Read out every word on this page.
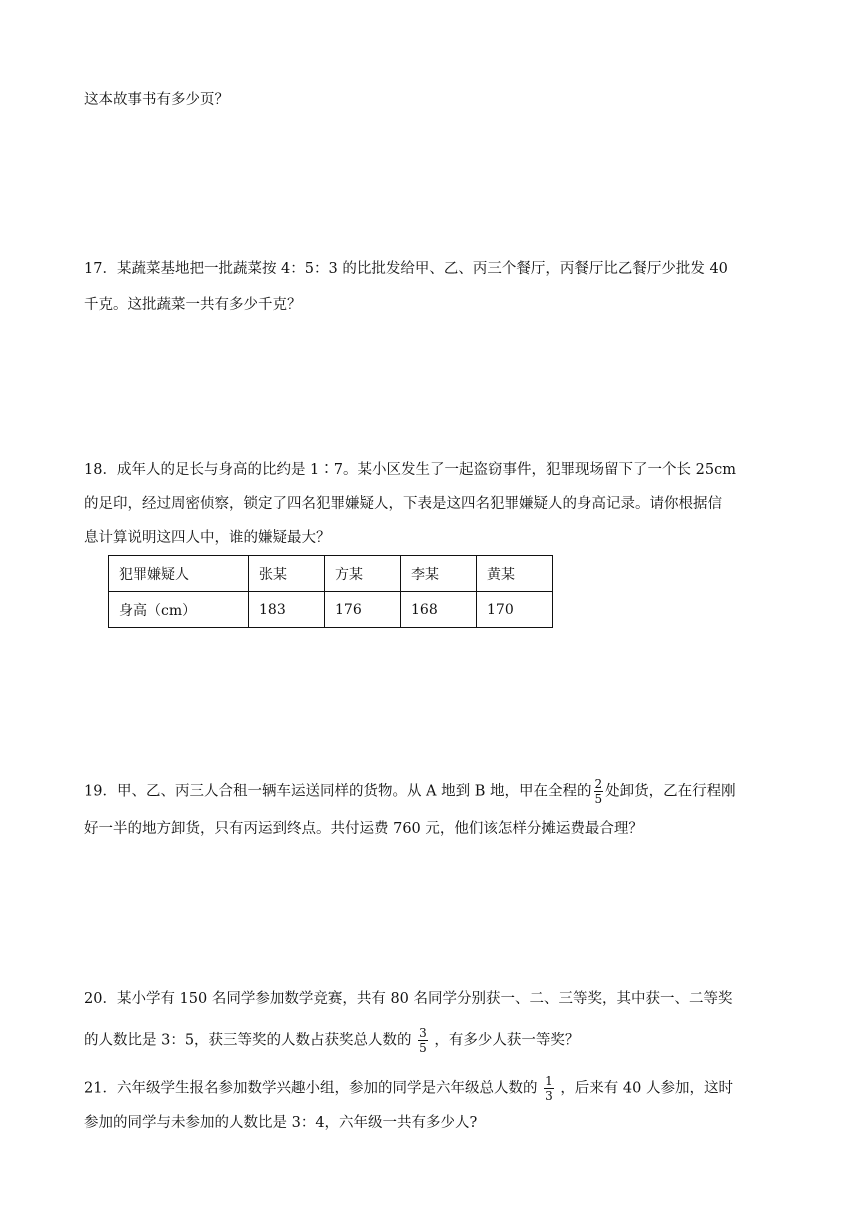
这本故事书有多少页？
17．某蔬菜基地把一批蔬菜按 4：5：3 的比批发给甲、乙、丙三个餐厅，丙餐厅比乙餐厅少批发 40
千克。这批蔬菜一共有多少千克？
18．成年人的足长与身高的比约是 1∶7。某小区发生了一起盗窃事件，犯罪现场留下了一个长 25cm
的足印，经过周密侦察，锁定了四名犯罪嫌疑人，下表是这四名犯罪嫌疑人的身高记录。请你根据信
息计算说明这四人中，谁的嫌疑最大？
犯罪嫌疑人	张某	方某	李某	黄某
身高（cm）	183	176	168	170
19．甲、乙、丙三人合租一辆车运送同样的货物。从 A 地到 B 地，甲在全程的 $\frac{2}{5}$ 处卸货，乙在行程刚
好一半的地方卸货，只有丙运到终点。共付运费 760 元，他们该怎样分摊运费最合理？
20．某小学有 150 名同学参加数学竞赛，共有 80 名同学分别获一、二、三等奖，其中获一、二等奖
的人数比是 3：5，获三等奖的人数占获奖总人数的 $\frac{3}{5}$ ，有多少人获一等奖？
21．六年级学生报名参加数学兴趣小组，参加的同学是六年级总人数的 $\frac{1}{3}$ ，后来有 40 人参加，这时
参加的同学与未参加的人数比是 3：4，六年级一共有多少人?
